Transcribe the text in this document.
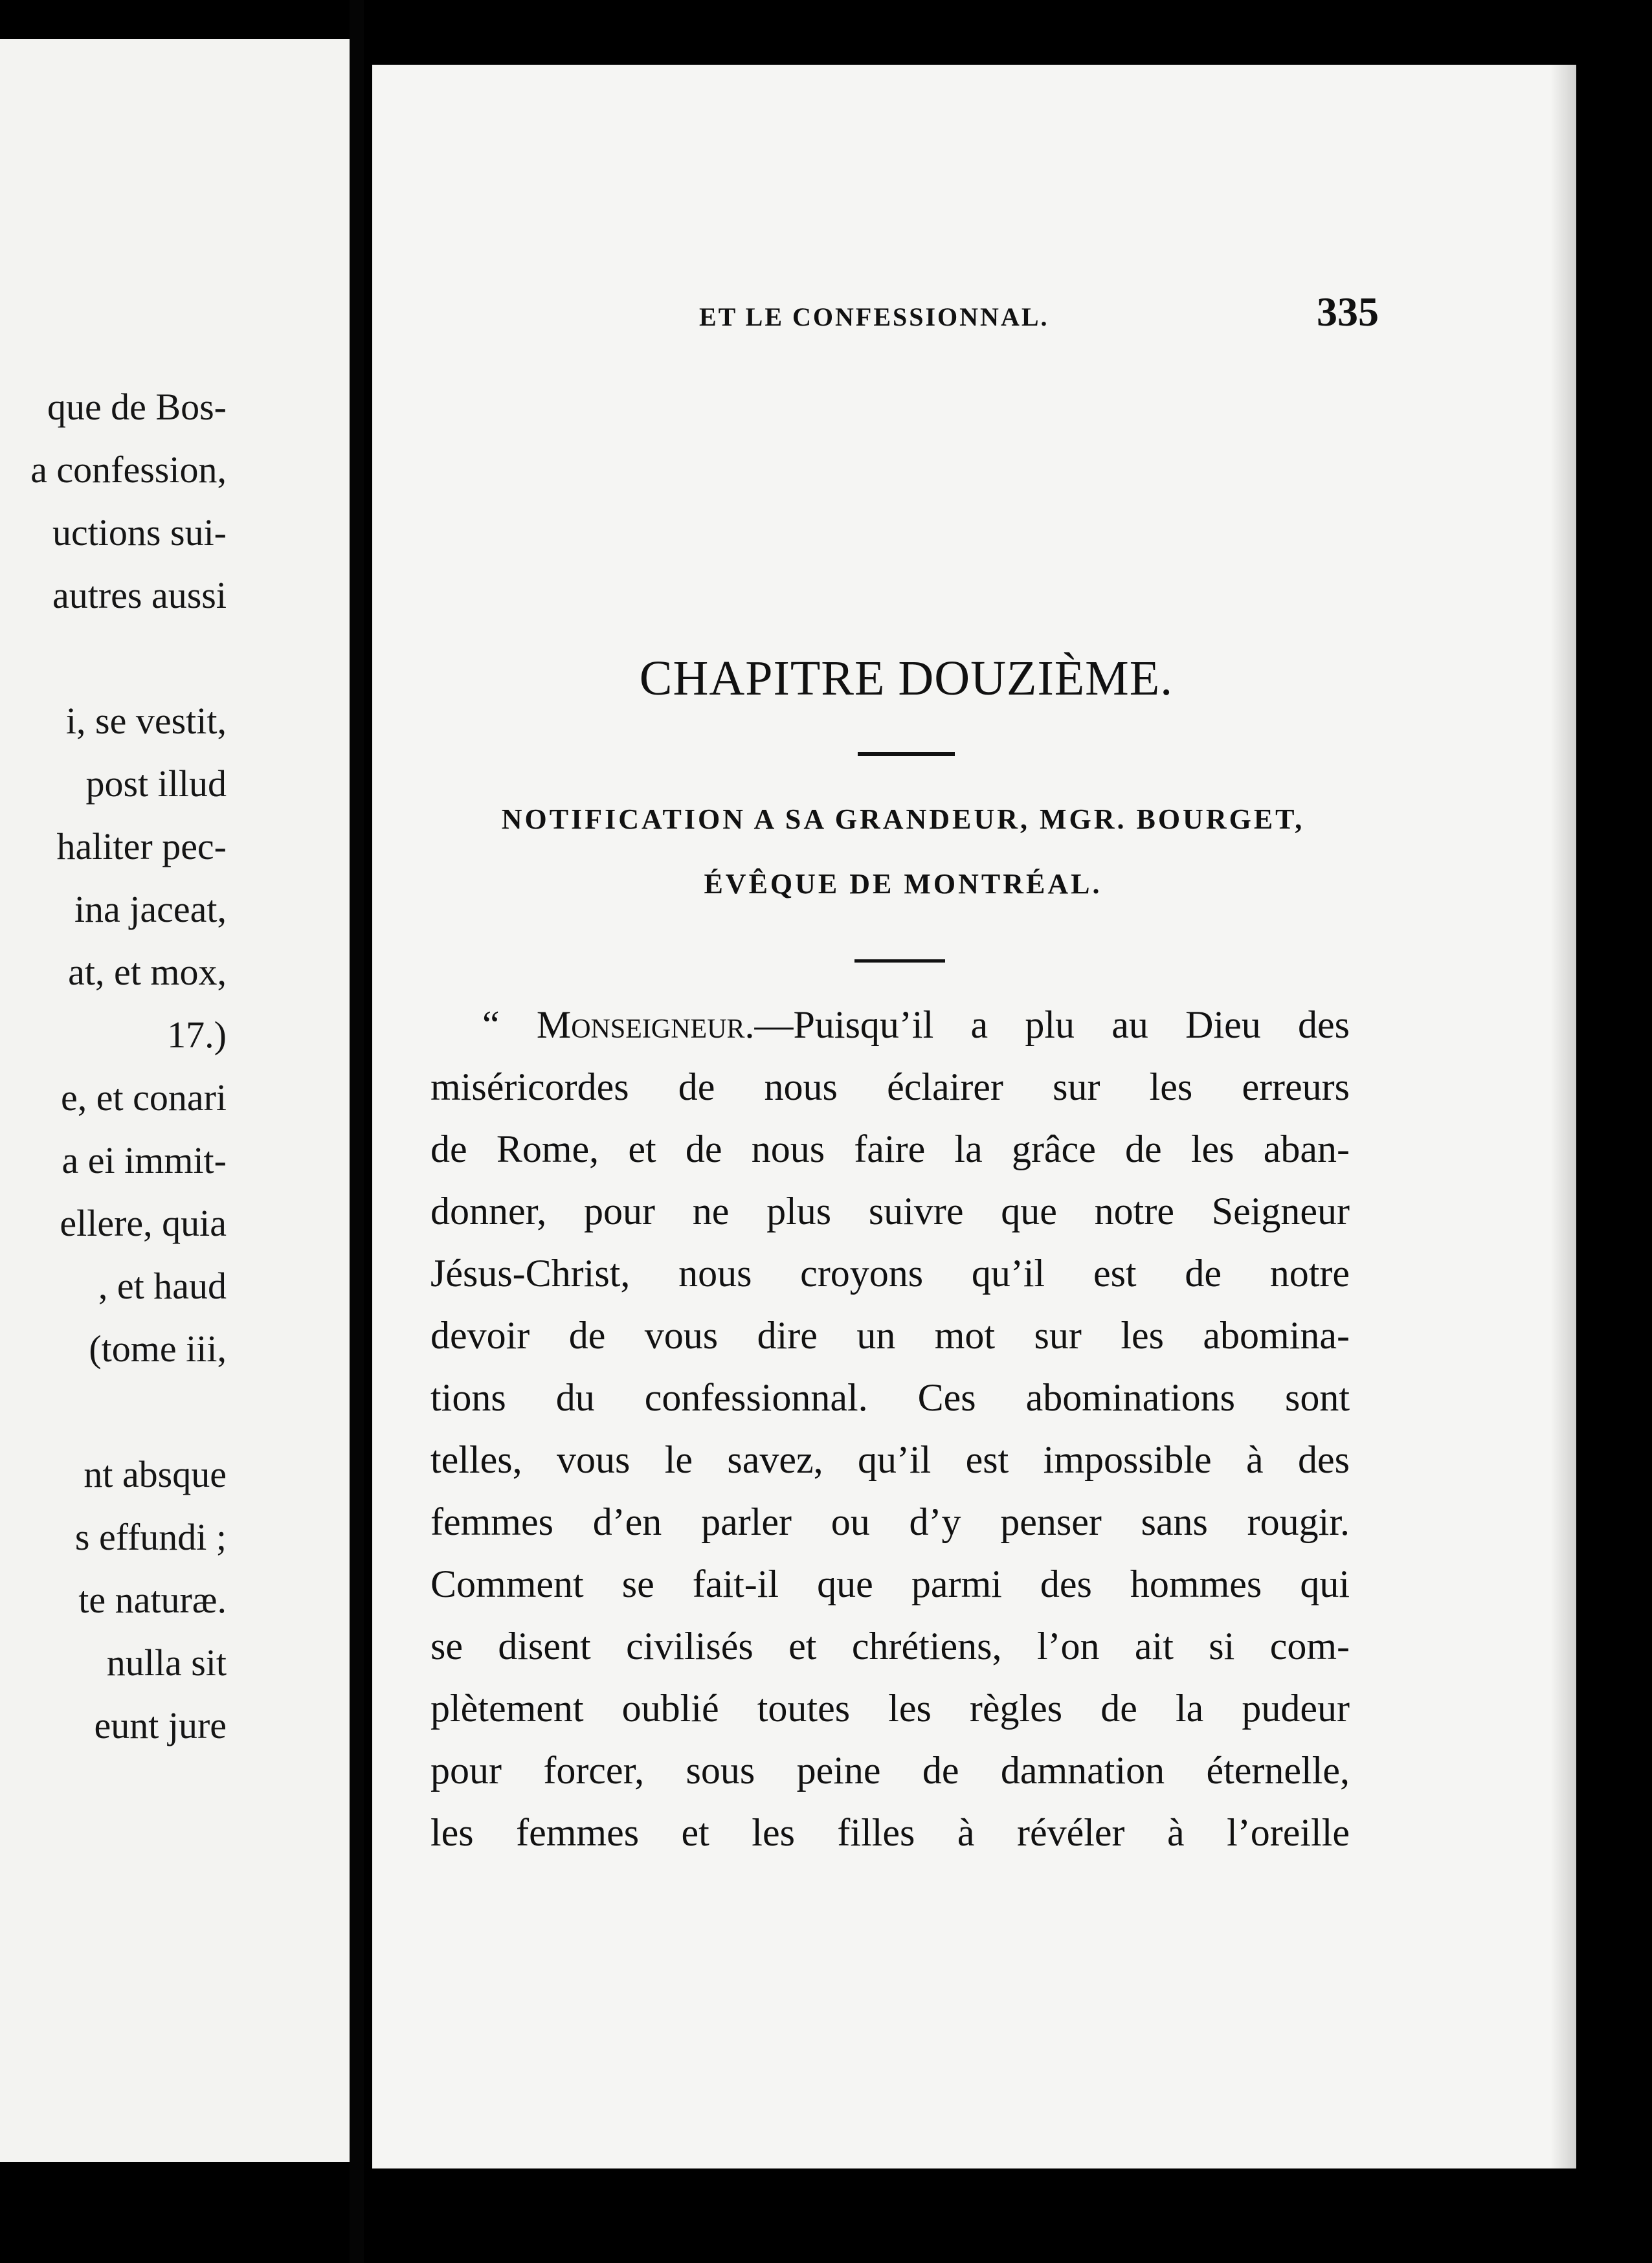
que de Bos-
a confession,
uctions sui-
autres aussi
i, se vestit,
post illud
haliter pec-
ina jaceat,
at, et mox,
17.)
e, et conari
a ei immit-
ellere, quia
, et haud
(tome iii,
nt absque
s effundi ;
te naturæ.
nulla sit
eunt jure
ET LE CONFESSIONNAL.	335
CHAPITRE DOUZIÈME.
NOTIFICATION A SA GRANDEUR, MGR. BOURGET,
ÉVÊQUE DE MONTRÉAL.
“ Monseigneur.—Puisqu’il a plu au Dieu des
miséricordes de nous éclairer sur les erreurs
de Rome, et de nous faire la grâce de les aban-
donner, pour ne plus suivre que notre Seigneur
Jésus-Christ, nous croyons qu’il est de notre
devoir de vous dire un mot sur les abomina-
tions du confessionnal. Ces abominations sont
telles, vous le savez, qu’il est impossible à des
femmes d’en parler ou d’y penser sans rougir.
Comment se fait-il que parmi des hommes qui
se disent civilisés et chrétiens, l’on ait si com-
plètement oublié toutes les règles de la pudeur
pour forcer, sous peine de damnation éternelle,
les femmes et les filles à révéler à l’oreille
